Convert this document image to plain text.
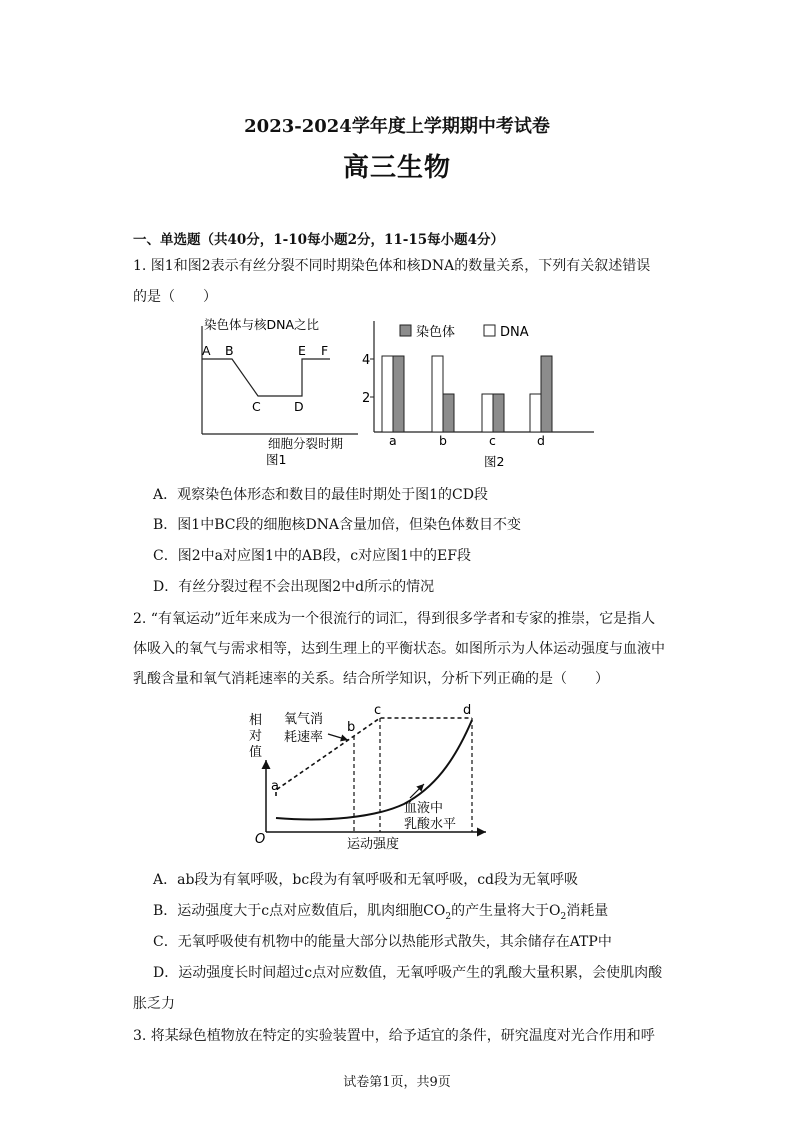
2023-2024学年度上学期期中考试卷
高三生物
一、单选题（共40分，1-10每小题2分，11-15每小题4分）
1. 图1和图2表示有丝分裂不同时期染色体和核DNA的数量关系，下列有关叙述错误
的是（　　）
染色体与核DNA之比
A B
C	D
E F
细胞分裂时期
图1
染色体	DNA
4
2
a	b	c	d
图2
A．观察染色体形态和数目的最佳时期处于图1的CD段
B．图1中BC段的细胞核DNA含量加倍，但染色体数目不变
C．图2中a对应图1中的AB段，c对应图1中的EF段
D．有丝分裂过程不会出现图2中d所示的情况
2. “有氧运动”近年来成为一个很流行的词汇，得到很多学者和专家的推崇，它是指人
体吸入的氧气与需求相等，达到生理上的平衡状态。如图所示为人体运动强度与血液中
乳酸含量和氧气消耗速率的关系。结合所学知识，分析下列正确的是（　　）
相
对
值
O	运动强度
a
b
c	d
氧气消
耗速率
血液中
乳酸水平
A．ab段为有氧呼吸，bc段为有氧呼吸和无氧呼吸，cd段为无氧呼吸
B．运动强度大于c点对应数值后，肌肉细胞$CO_2$的产生量将大于$O_2$消耗量
C．无氧呼吸使有机物中的能量大部分以热能形式散失，其余储存在ATP中
D．运动强度长时间超过c点对应数值，无氧呼吸产生的乳酸大量积累，会使肌肉酸
胀乏力
3. 将某绿色植物放在特定的实验装置中，给予适宜的条件，研究温度对光合作用和呼
试卷第1页，共9页
